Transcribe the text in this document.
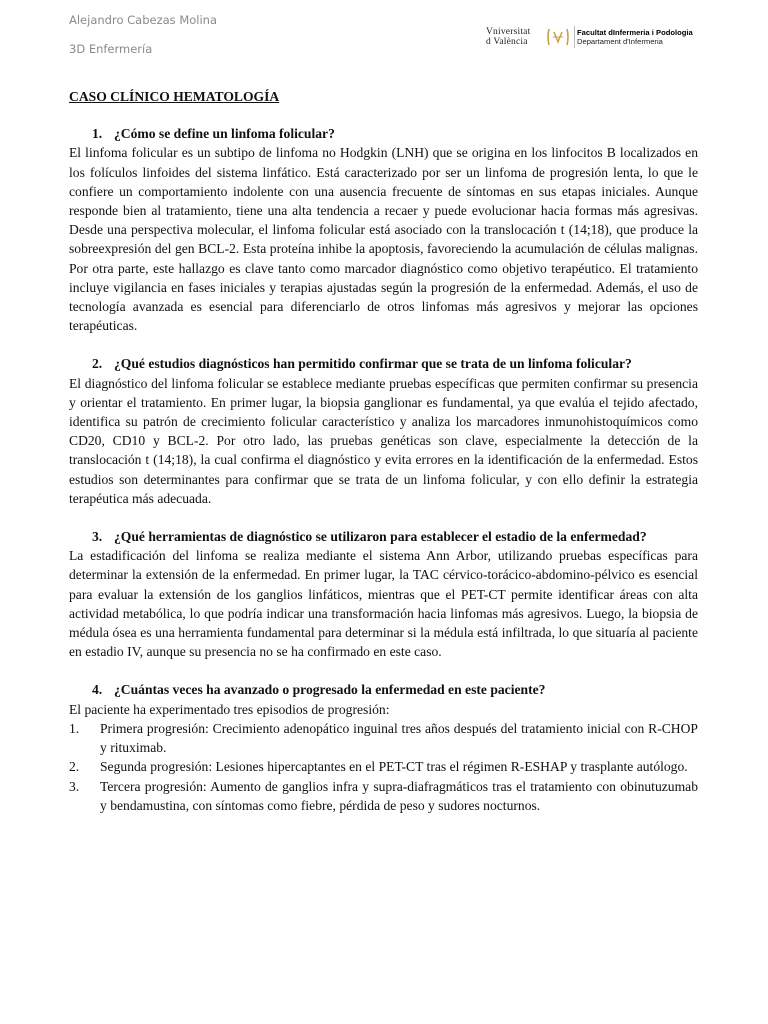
Alejandro Cabezas Molina
3D Enfermería
Vniversitat
d València
Facultat dInfermeria i Podologia
Departament d'Infermeria
CASO CLÍNICO HEMATOLOGÍA
1. ¿Cómo se define un linfoma folicular?
El linfoma folicular es un subtipo de linfoma no Hodgkin (LNH) que se origina en los linfocitos B localizados en los folículos linfoides del sistema linfático. Está caracterizado por ser un linfoma de progresión lenta, lo que le confiere un comportamiento indolente con una ausencia frecuente de síntomas en sus etapas iniciales. Aunque responde bien al tratamiento, tiene una alta tendencia a recaer y puede evolucionar hacia formas más agresivas. Desde una perspectiva molecular, el linfoma folicular está asociado con la translocación t (14;18), que produce la sobreexpresión del gen BCL-2. Esta proteína inhibe la apoptosis, favoreciendo la acumulación de células malignas. Por otra parte, este hallazgo es clave tanto como marcador diagnóstico como objetivo terapéutico. El tratamiento incluye vigilancia en fases iniciales y terapias ajustadas según la progresión de la enfermedad. Además, el uso de tecnología avanzada es esencial para diferenciarlo de otros linfomas más agresivos y mejorar las opciones terapéuticas.
2. ¿Qué estudios diagnósticos han permitido confirmar que se trata de un linfoma folicular?
El diagnóstico del linfoma folicular se establece mediante pruebas específicas que permiten confirmar su presencia y orientar el tratamiento. En primer lugar, la biopsia ganglionar es fundamental, ya que evalúa el tejido afectado, identifica su patrón de crecimiento folicular característico y analiza los marcadores inmunohistoquímicos como CD20, CD10 y BCL-2. Por otro lado, las pruebas genéticas son clave, especialmente la detección de la translocación t (14;18), la cual confirma el diagnóstico y evita errores en la identificación de la enfermedad. Estos estudios son determinantes para confirmar que se trata de un linfoma folicular, y con ello definir la estrategia terapéutica más adecuada.
3. ¿Qué herramientas de diagnóstico se utilizaron para establecer el estadio de la enfermedad?
La estadificación del linfoma se realiza mediante el sistema Ann Arbor, utilizando pruebas específicas para determinar la extensión de la enfermedad. En primer lugar, la TAC cérvico-torácico-abdomino-pélvico es esencial para evaluar la extensión de los ganglios linfáticos, mientras que el PET-CT permite identificar áreas con alta actividad metabólica, lo que podría indicar una transformación hacia linfomas más agresivos. Luego, la biopsia de médula ósea es una herramienta fundamental para determinar si la médula está infiltrada, lo que situaría al paciente en estadio IV, aunque su presencia no se ha confirmado en este caso.
4. ¿Cuántas veces ha avanzado o progresado la enfermedad en este paciente?
El paciente ha experimentado tres episodios de progresión:
1. Primera progresión: Crecimiento adenopático inguinal tres años después del tratamiento inicial con R-CHOP y rituximab.
2. Segunda progresión: Lesiones hipercaptantes en el PET-CT tras el régimen R-ESHAP y trasplante autólogo.
3. Tercera progresión: Aumento de ganglios infra y supra-diafragmáticos tras el tratamiento con obinutuzumab y bendamustina, con síntomas como fiebre, pérdida de peso y sudores nocturnos.
